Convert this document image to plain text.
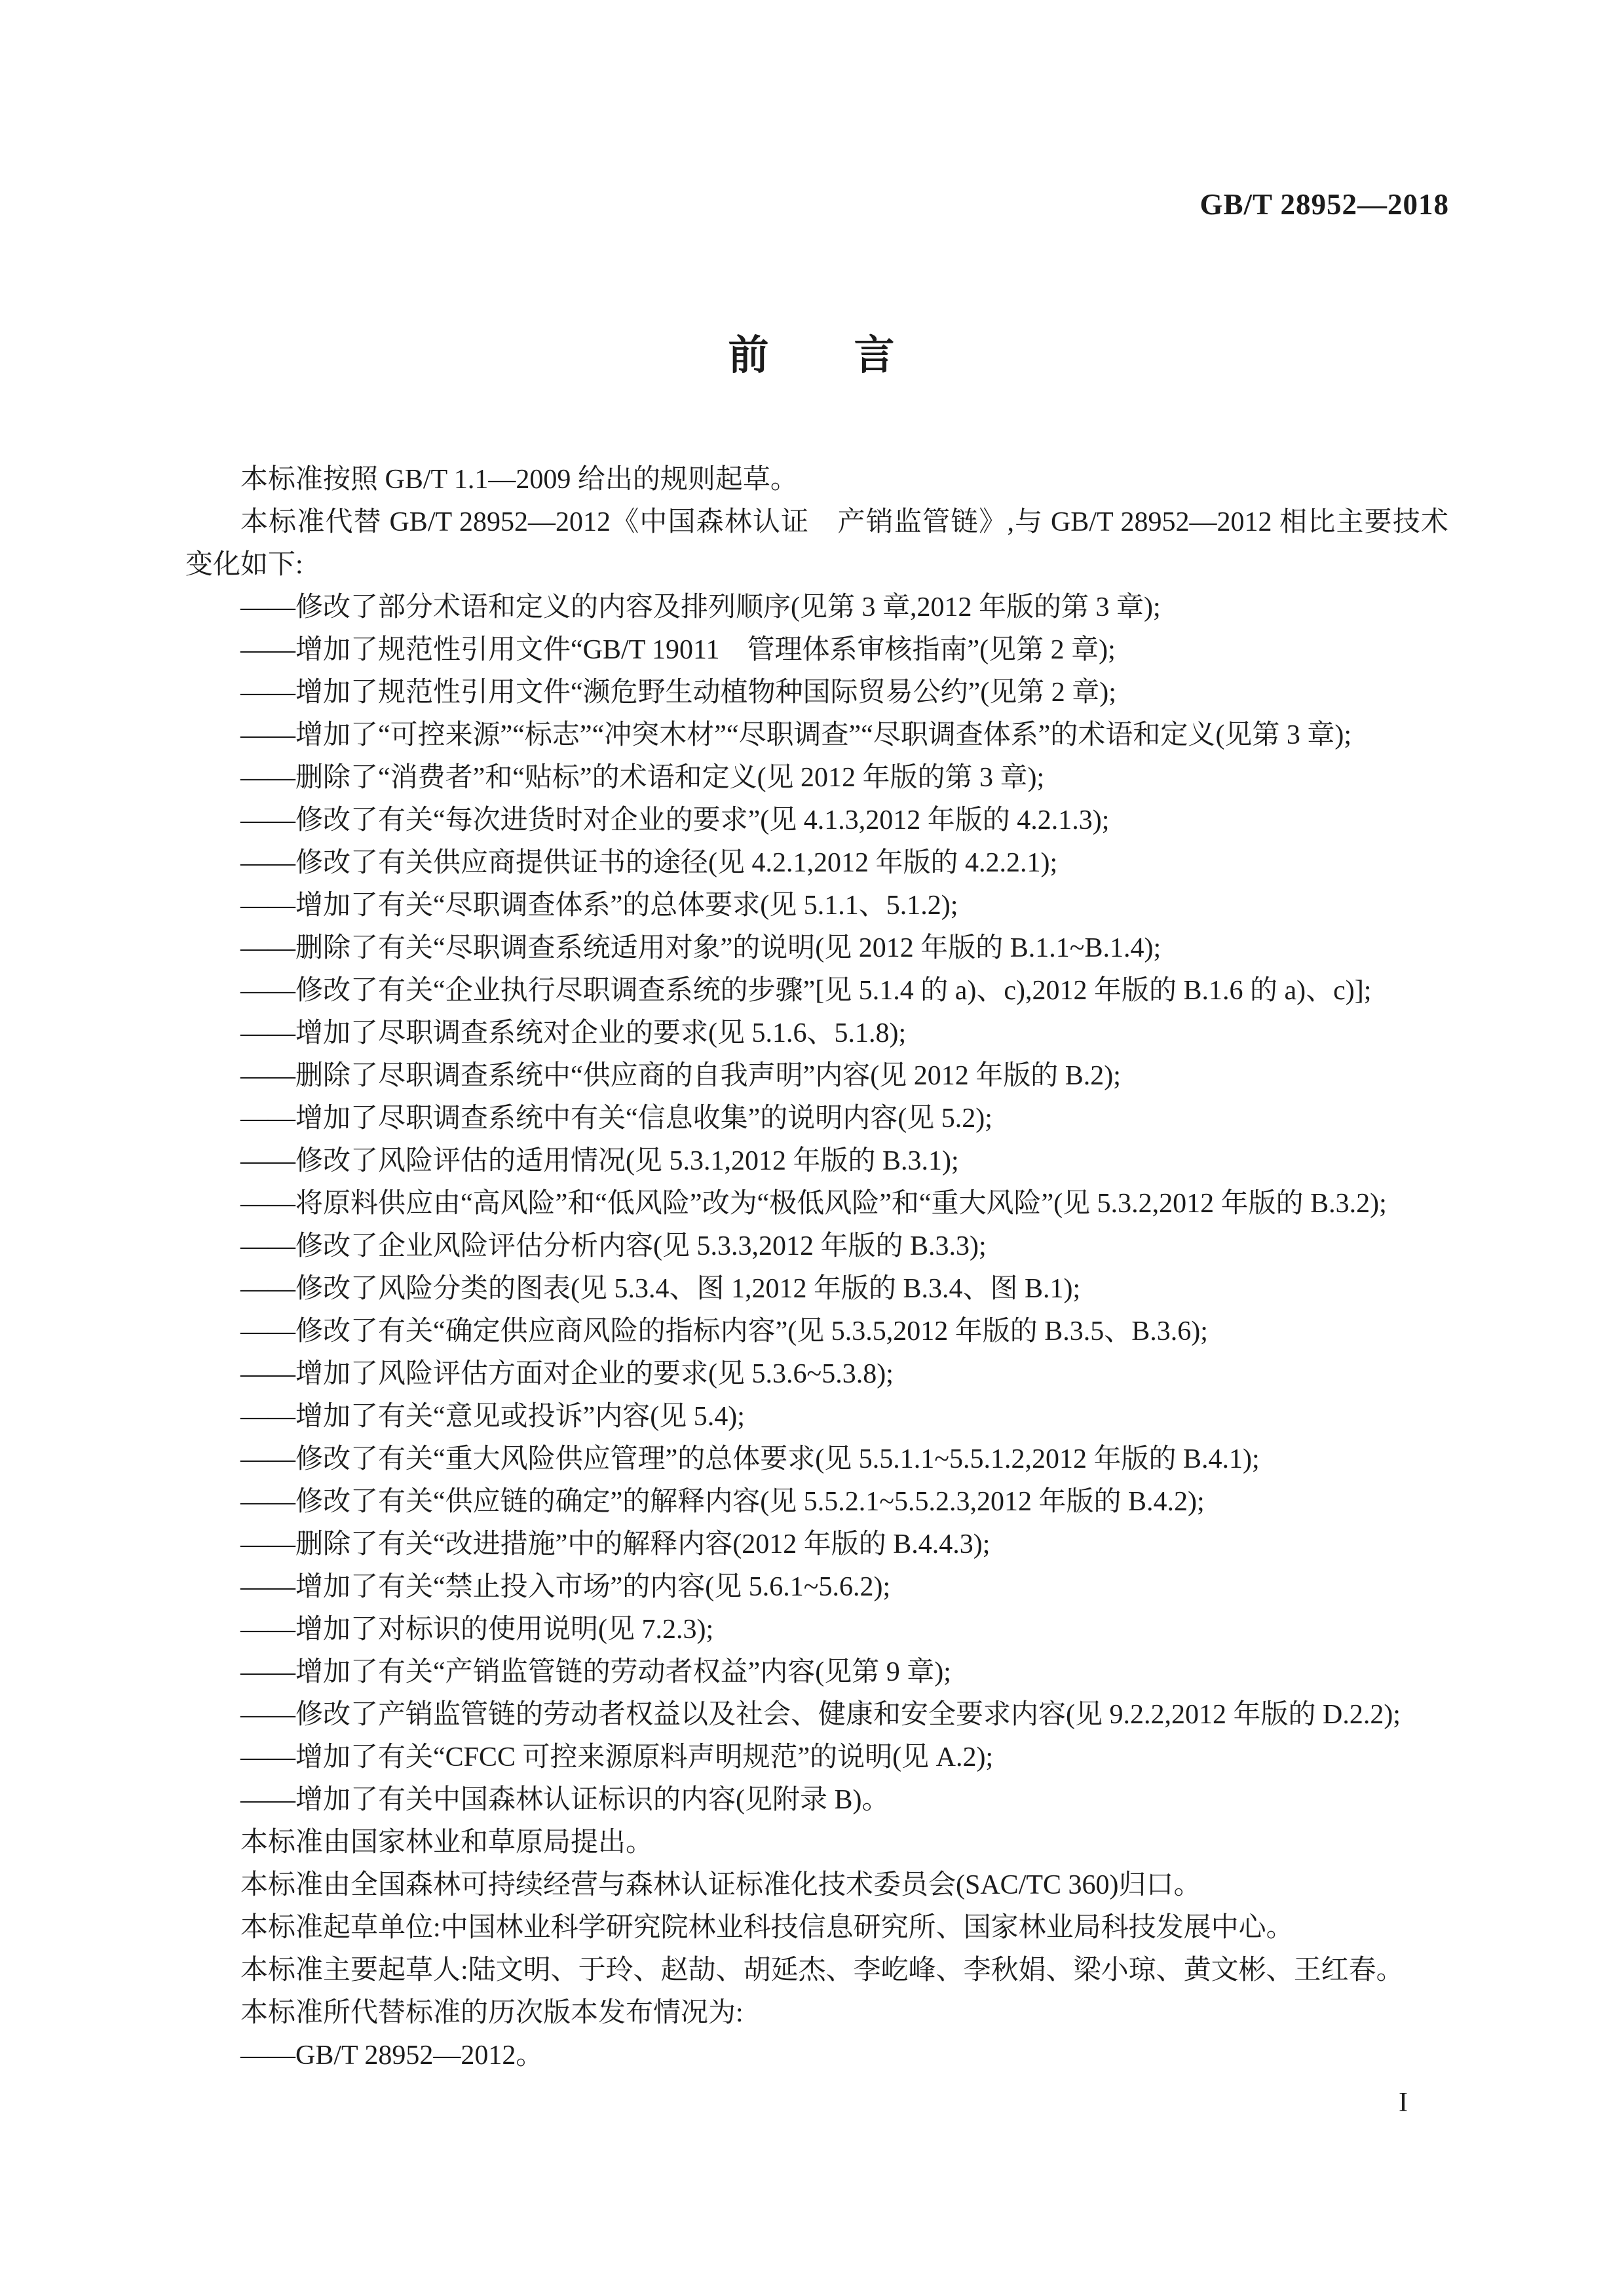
GB/T 28952—2018
前　　言

本标准按照 GB/T 1.1—2009 给出的规则起草。

本标准代替 GB/T 28952—2012《中国森林认证　产销监管链》,与 GB/T 28952—2012 相比主要技术变化如下:

——修改了部分术语和定义的内容及排列顺序(见第 3 章,2012 年版的第 3 章);

——增加了规范性引用文件“GB/T 19011　管理体系审核指南”(见第 2 章);

——增加了规范性引用文件“濒危野生动植物种国际贸易公约”(见第 2 章);

——增加了“可控来源”“标志”“冲突木材”“尽职调查”“尽职调查体系”的术语和定义(见第 3 章);

——删除了“消费者”和“贴标”的术语和定义(见 2012 年版的第 3 章);

——修改了有关“每次进货时对企业的要求”(见 4.1.3,2012 年版的 4.2.1.3);

——修改了有关供应商提供证书的途径(见 4.2.1,2012 年版的 4.2.2.1);

——增加了有关“尽职调查体系”的总体要求(见 5.1.1、5.1.2);

——删除了有关“尽职调查系统适用对象”的说明(见 2012 年版的 B.1.1~B.1.4);

——修改了有关“企业执行尽职调查系统的步骤”[见 5.1.4 的 a)、c),2012 年版的 B.1.6 的 a)、c)];

——增加了尽职调查系统对企业的要求(见 5.1.6、5.1.8);

——删除了尽职调查系统中“供应商的自我声明”内容(见 2012 年版的 B.2);

——增加了尽职调查系统中有关“信息收集”的说明内容(见 5.2);

——修改了风险评估的适用情况(见 5.3.1,2012 年版的 B.3.1);

——将原料供应由“高风险”和“低风险”改为“极低风险”和“重大风险”(见 5.3.2,2012 年版的 B.3.2);

——修改了企业风险评估分析内容(见 5.3.3,2012 年版的 B.3.3);

——修改了风险分类的图表(见 5.3.4、图 1,2012 年版的 B.3.4、图 B.1);

——修改了有关“确定供应商风险的指标内容”(见 5.3.5,2012 年版的 B.3.5、B.3.6);

——增加了风险评估方面对企业的要求(见 5.3.6~5.3.8);

——增加了有关“意见或投诉”内容(见 5.4);

——修改了有关“重大风险供应管理”的总体要求(见 5.5.1.1~5.5.1.2,2012 年版的 B.4.1);

——修改了有关“供应链的确定”的解释内容(见 5.5.2.1~5.5.2.3,2012 年版的 B.4.2);

——删除了有关“改进措施”中的解释内容(2012 年版的 B.4.4.3);

——增加了有关“禁止投入市场”的内容(见 5.6.1~5.6.2);

——增加了对标识的使用说明(见 7.2.3);

——增加了有关“产销监管链的劳动者权益”内容(见第 9 章);

——修改了产销监管链的劳动者权益以及社会、健康和安全要求内容(见 9.2.2,2012 年版的 D.2.2);

——增加了有关“CFCC 可控来源原料声明规范”的说明(见 A.2);

——增加了有关中国森林认证标识的内容(见附录 B)。

本标准由国家林业和草原局提出。

本标准由全国森林可持续经营与森林认证标准化技术委员会(SAC/TC 360)归口。

本标准起草单位:中国林业科学研究院林业科技信息研究所、国家林业局科技发展中心。

本标准主要起草人:陆文明、于玲、赵劼、胡延杰、李屹峰、李秋娟、梁小琼、黄文彬、王红春。

本标准所代替标准的历次版本发布情况为:

——GB/T 28952—2012。

I
